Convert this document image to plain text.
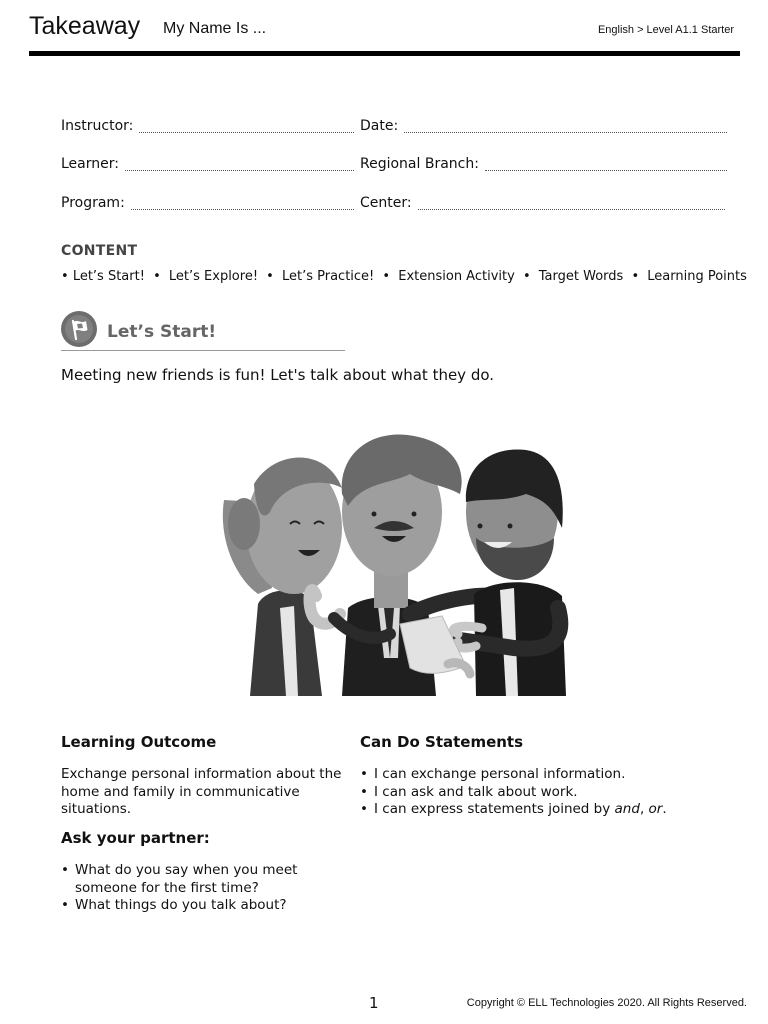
Takeaway My Name Is ...	English > Level A1.1 Starter
Instructor:	Date:
Learner:	Regional Branch:
Program:	Center:
CONTENT
• Let’s Start! • Let’s Explore! • Let’s Practice! • Extension Activity • Target Words • Learning Points
Let’s Start!
Meeting new friends is fun! Let's talk about what they do.
Learning Outcome
Exchange personal information about the home and family in communicative situations.
Ask your partner:
• What do you say when you meet someone for the first time?
• What things do you talk about?
Can Do Statements
• I can exchange personal information.
• I can ask and talk about work.
• I can express statements joined by and, or.
1	Copyright © ELL Technologies 2020. All Rights Reserved.
